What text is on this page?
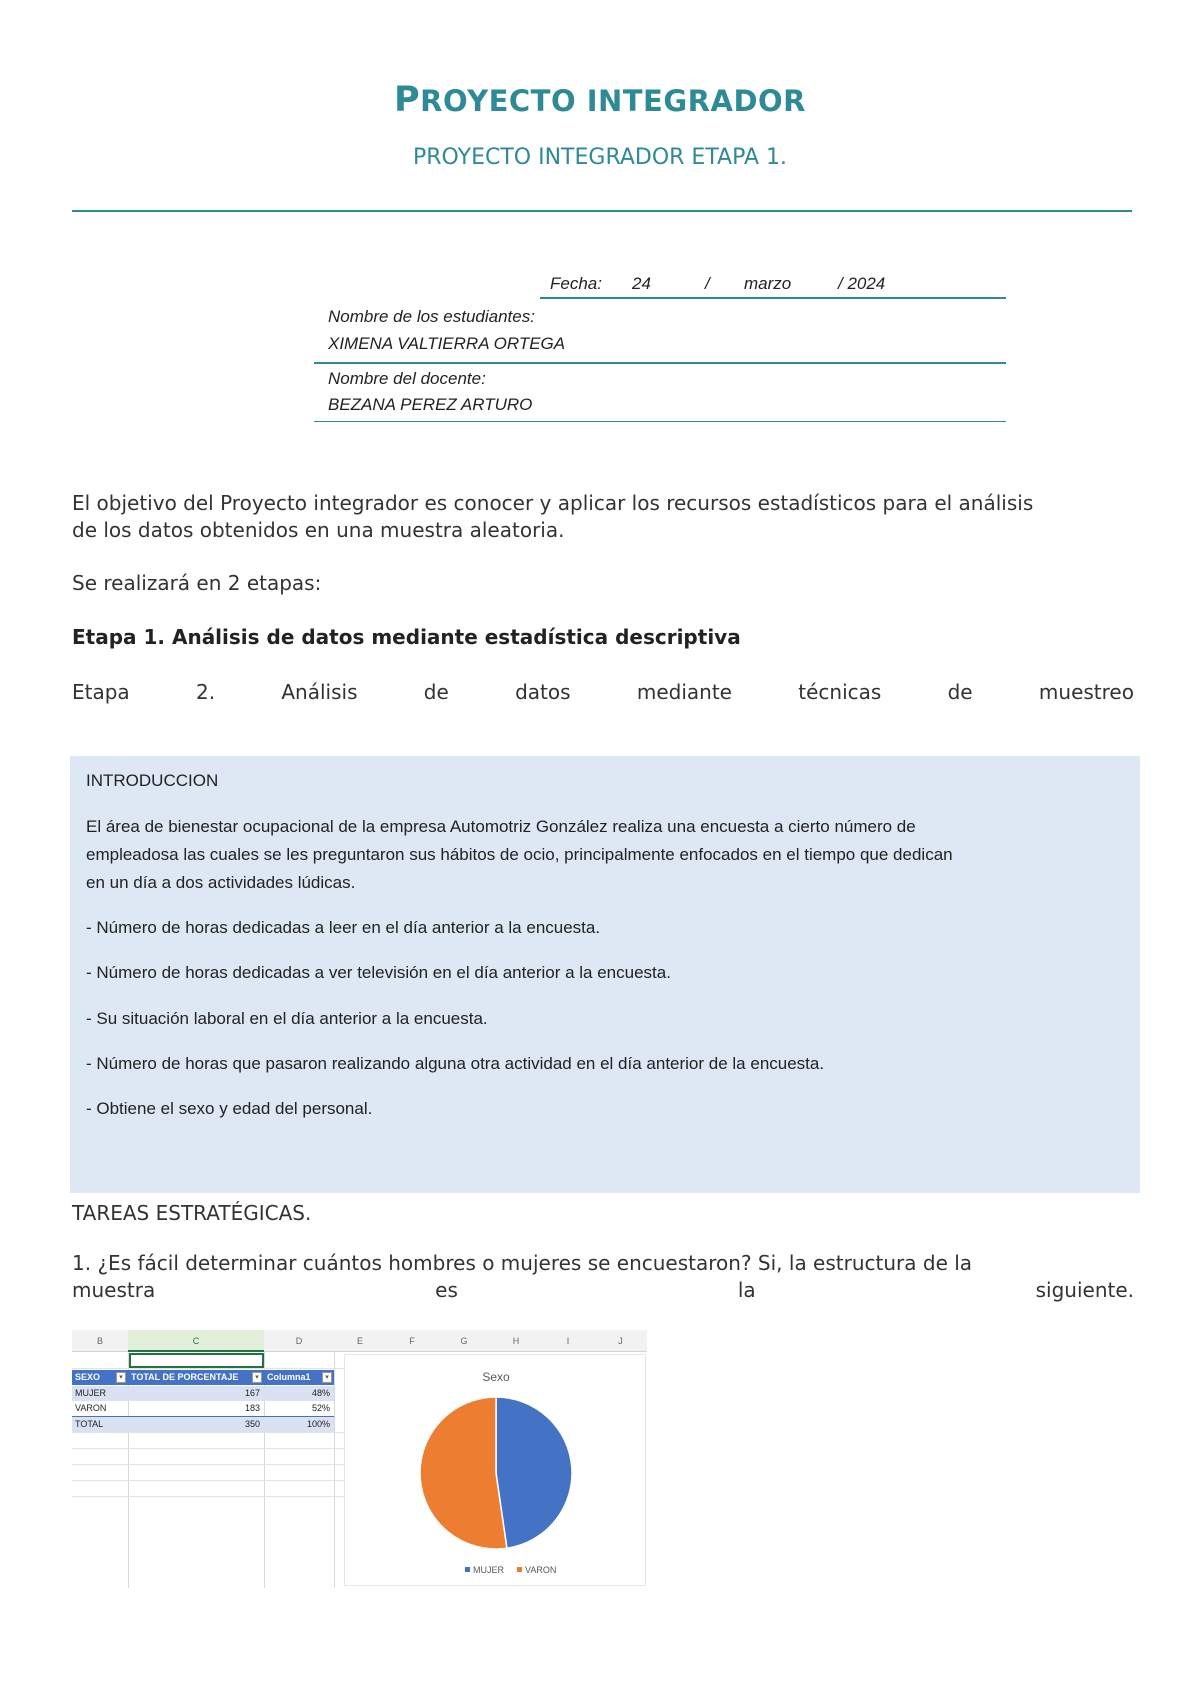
PROYECTO INTEGRADOR
PROYECTO INTEGRADOR ETAPA 1.
Fecha: 24	/ marzo	/ 2024
Nombre de los estudiantes:
XIMENA VALTIERRA ORTEGA
Nombre del docente:
BEZANA PEREZ ARTURO
El objetivo del Proyecto integrador es conocer y aplicar los recursos estadísticos para el análisis
de los datos obtenidos en una muestra aleatoria.
Se realizará en 2 etapas:
Etapa 1. Análisis de datos mediante estadística descriptiva
Etapa	2.	Análisis	de	datos	mediante	técnicas	de	muestreo
INTRODUCCION
El área de bienestar ocupacional de la empresa Automotriz González realiza una encuesta a cierto número de
empleadosa las cuales se les preguntaron sus hábitos de ocio, principalmente enfocados en el tiempo que dedican
en un día a dos actividades lúdicas.
- Número de horas dedicadas a leer en el día anterior a la encuesta.
- Número de horas dedicadas a ver televisión en el día anterior a la encuesta.
- Su situación laboral en el día anterior a la encuesta.
- Número de horas que pasaron realizando alguna otra actividad en el día anterior de la encuesta.
- Obtiene el sexo y edad del personal.
TAREAS ESTRATÉGICAS.
1. ¿Es fácil determinar cuántos hombres o mujeres se encuestaron? Si, la estructura de la
muestra	es	la	siguiente.
B	C	D	E	F	G	H	I	J
SEXO	TOTAL DE PORCENTAJE	Columna1
▾	▾	▾
MUJER	167	48%
VARON	183	52%
TOTAL	350	100%
Sexo
MUJER VARON
